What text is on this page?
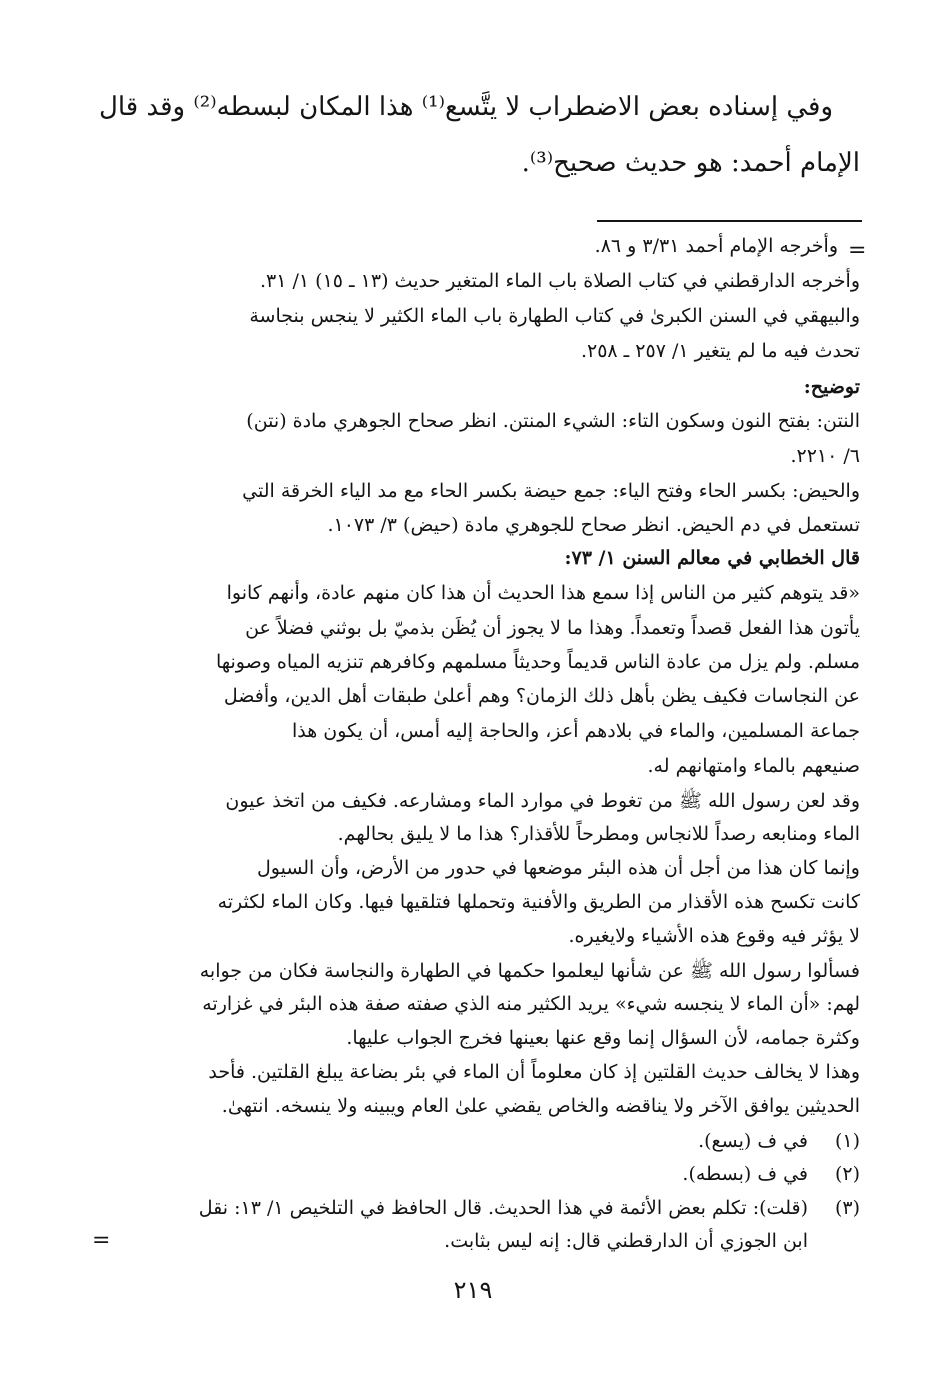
وفي إسناده بعض الاضطراب لا يتَّسع⁽¹⁾ هذا المكان لبسطه⁽²⁾ وقد قال
الإمام أحمد: هو حديث صحيح⁽³⁾.
=
وأخرجه الإمام أحمد ٣/٣١ و ٨٦.
وأخرجه الدارقطني في كتاب الصلاة باب الماء المتغير حديث (١٣ ـ ١٥) ١/ ٣١.
والبيهقي في السنن الكبرىٰ في كتاب الطهارة باب الماء الكثير لا ينجس بنجاسة
تحدث فيه ما لم يتغير ١/ ٢٥٧ ـ ٢٥٨.
توضيح:
النتن: بفتح النون وسكون التاء: الشيء المنتن. انظر صحاح الجوهري مادة (نتن)
٦/ ٢٢١٠.
والحيض: بكسر الحاء وفتح الياء: جمع حيضة بكسر الحاء مع مد الياء الخرقة التي
تستعمل في دم الحيض. انظر صحاح للجوهري مادة (حيض) ٣/ ١٠٧٣.
قال الخطابي في معالم السنن ١/ ٧٣:
«قد يتوهم كثير من الناس إذا سمع هذا الحديث أن هذا كان منهم عادة، وأنهم كانوا
يأتون هذا الفعل قصداً وتعمداً. وهذا ما لا يجوز أن يُظَن بذميّ بل بوثني فضلاً عن
مسلم. ولم يزل من عادة الناس قديماً وحديثاً مسلمهم وكافرهم تنزيه المياه وصونها
عن النجاسات فكيف يظن بأهل ذلك الزمان؟ وهم أعلىٰ طبقات أهل الدين، وأفضل
جماعة المسلمين، والماء في بلادهم أعز، والحاجة إليه أمس، أن يكون هذا
صنيعهم بالماء وامتهانهم له.
وقد لعن رسول الله ﷺ من تغوط في موارد الماء ومشارعه. فكيف من اتخذ عيون
الماء ومنابعه رصداً للانجاس ومطرحاً للأقذار؟ هذا ما لا يليق بحالهم.
وإنما كان هذا من أجل أن هذه البئر موضعها في حدور من الأرض، وأن السيول
كانت تكسح هذه الأقذار من الطريق والأفنية وتحملها فتلقيها فيها. وكان الماء لكثرته
لا يؤثر فيه وقوع هذه الأشياء ولايغيره.
فسألوا رسول الله ﷺ عن شأنها ليعلموا حكمها في الطهارة والنجاسة فكان من جوابه
لهم: «أن الماء لا ينجسه شيء» يريد الكثير منه الذي صفته صفة هذه البئر في غزارته
وكثرة جمامه، لأن السؤال إنما وقع عنها بعينها فخرج الجواب عليها.
وهذا لا يخالف حديث القلتين إذ كان معلوماً أن الماء في بئر بضاعة يبلغ القلتين. فأحد
الحديثين يوافق الآخر ولا يناقضه والخاص يقضي علىٰ العام ويبينه ولا ينسخه. انتهىٰ.
(١)
في ف (يسع).
(٢)
في ف (بسطه).
(٣)
(قلت): تكلم بعض الأئمة في هذا الحديث. قال الحافظ في التلخيص ١/ ١٣: نقل
ابن الجوزي أن الدارقطني قال: إنه ليس بثابت.
=
٢١٩
